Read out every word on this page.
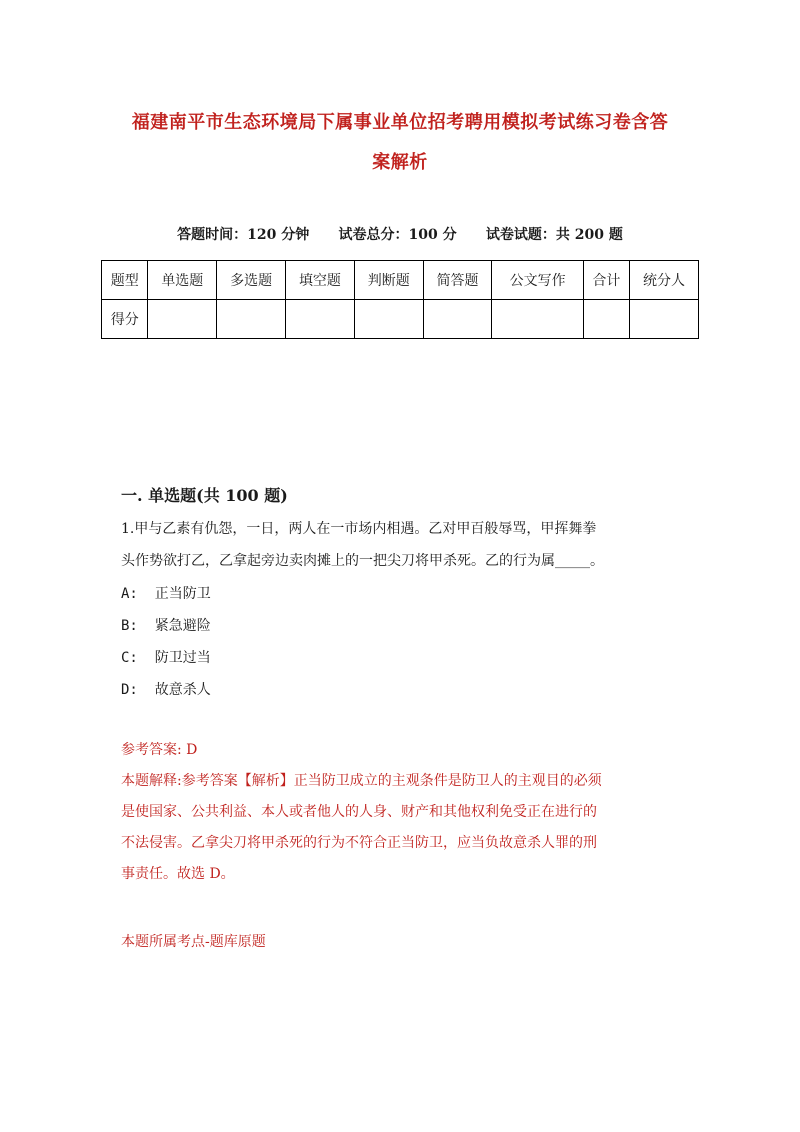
福建南平市生态环境局下属事业单位招考聘用模拟考试练习卷含答
案解析
答题时间：120 分钟      试卷总分：100 分      试卷试题：共 200 题
题型	单选题	多选题	填空题	判断题	简答题	公文写作	合计	统分人
得分								
一. 单选题(共 100 题)
1.甲与乙素有仇怨，一日，两人在一市场内相遇。乙对甲百般辱骂，甲挥舞拳
头作势欲打乙，乙拿起旁边卖肉摊上的一把尖刀将甲杀死。乙的行为属_____。
A:  正当防卫
B:  紧急避险
C:  防卫过当
D:  故意杀人
参考答案: D
本题解释:参考答案【解析】正当防卫成立的主观条件是防卫人的主观目的必须
是使国家、公共利益、本人或者他人的人身、财产和其他权利免受正在进行的
不法侵害。乙拿尖刀将甲杀死的行为不符合正当防卫，应当负故意杀人罪的刑
事责任。故选 D。
本题所属考点-题库原题
